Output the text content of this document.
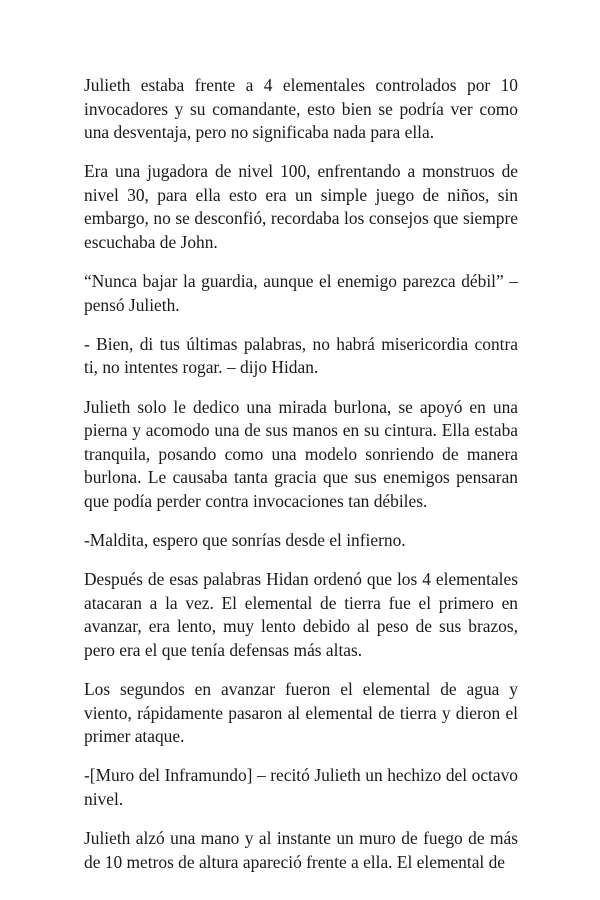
Julieth estaba frente a 4 elementales controlados por 10 invocadores y su comandante, esto bien se podría ver como una desventaja, pero no significaba nada para ella.

Era una jugadora de nivel 100, enfrentando a monstruos de nivel 30, para ella esto era un simple juego de niños, sin embargo, no se desconfió, recordaba los consejos que siempre escuchaba de John.

“Nunca bajar la guardia, aunque el enemigo parezca débil” – pensó Julieth.

- Bien, di tus últimas palabras, no habrá misericordia contra ti, no intentes rogar. – dijo Hidan.

Julieth solo le dedico una mirada burlona, se apoyó en una pierna y acomodo una de sus manos en su cintura. Ella estaba tranquila, posando como una modelo sonriendo de manera burlona. Le causaba tanta gracia que sus enemigos pensaran que podía perder contra invocaciones tan débiles.

-Maldita, espero que sonrías desde el infierno.

Después de esas palabras Hidan ordenó que los 4 elementales atacaran a la vez. El elemental de tierra fue el primero en avanzar, era lento, muy lento debido al peso de sus brazos, pero era el que tenía defensas más altas.

Los segundos en avanzar fueron el elemental de agua y viento, rápidamente pasaron al elemental de tierra y dieron el primer ataque.

-[Muro del Inframundo] – recitó Julieth un hechizo del octavo nivel.

Julieth alzó una mano y al instante un muro de fuego de más de 10 metros de altura apareció frente a ella. El elemental de
